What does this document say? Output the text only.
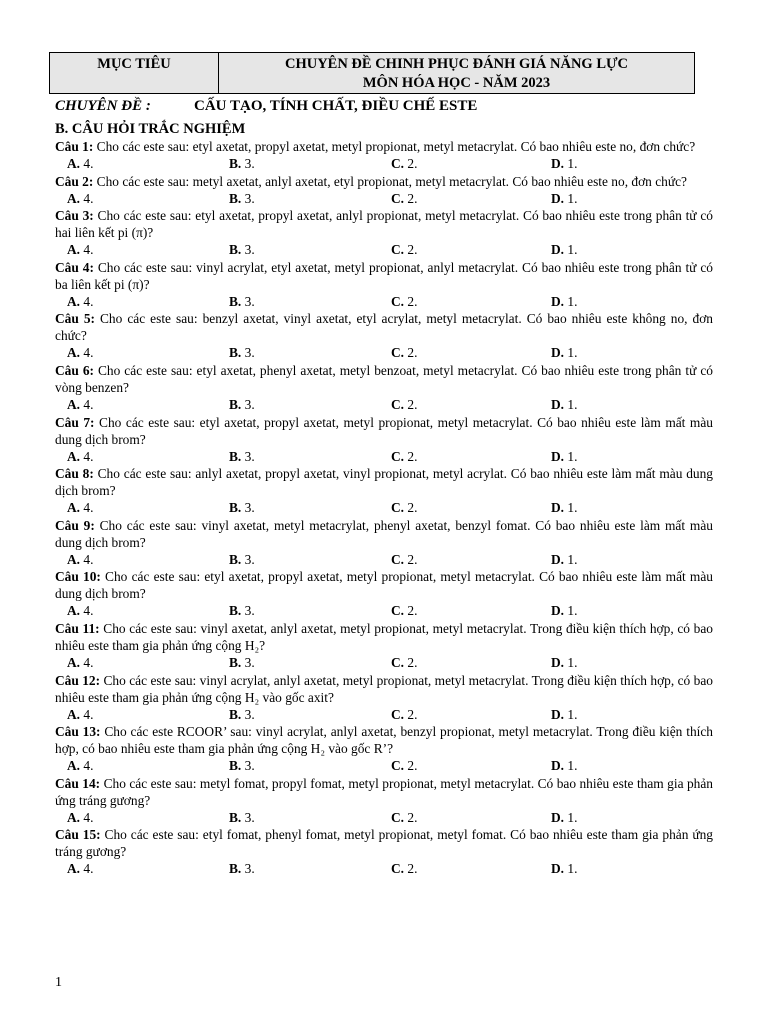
MỤC TIÊU	CHUYÊN ĐỀ CHINH PHỤC ĐÁNH GIÁ NĂNG LỰC
MÔN HÓA HỌC - NĂM 2023
CHUYÊN ĐỀ :	CẤU TẠO, TÍNH CHẤT, ĐIỀU CHẾ ESTE
B. CÂU HỎI TRẮC NGHIỆM
Câu 1: Cho các este sau: etyl axetat, propyl axetat, metyl propionat, metyl metacrylat. Có bao nhiêu este no, đơn chức?
A. 4.	B. 3.	C. 2.	D. 1.
Câu 2: Cho các este sau: metyl axetat, anlyl axetat, etyl propionat, metyl metacrylat. Có bao nhiêu este no, đơn chức?
A. 4.	B. 3.	C. 2.	D. 1.
Câu 3: Cho các este sau: etyl axetat, propyl axetat, anlyl propionat, metyl metacrylat. Có bao nhiêu este trong phân tử có hai liên kết pi (π)?
A. 4.	B. 3.	C. 2.	D. 1.
Câu 4: Cho các este sau: vinyl acrylat, etyl axetat, metyl propionat, anlyl metacrylat. Có bao nhiêu este trong phân tử có ba liên kết pi (π)?
A. 4.	B. 3.	C. 2.	D. 1.
Câu 5: Cho các este sau: benzyl axetat, vinyl axetat, etyl acrylat, metyl metacrylat. Có bao nhiêu este không no, đơn chức?
A. 4.	B. 3.	C. 2.	D. 1.
Câu 6: Cho các este sau: etyl axetat, phenyl axetat, metyl benzoat, metyl metacrylat. Có bao nhiêu este trong phân tử có vòng benzen?
A. 4.	B. 3.	C. 2.	D. 1.
Câu 7: Cho các este sau: etyl axetat, propyl axetat, metyl propionat, metyl metacrylat. Có bao nhiêu este làm mất màu dung dịch brom?
A. 4.	B. 3.	C. 2.	D. 1.
Câu 8: Cho các este sau: anlyl axetat, propyl axetat, vinyl propionat, metyl acrylat. Có bao nhiêu este làm mất màu dung dịch brom?
A. 4.	B. 3.	C. 2.	D. 1.
Câu 9: Cho các este sau: vinyl axetat, metyl metacrylat, phenyl axetat, benzyl fomat. Có bao nhiêu este làm mất màu dung dịch brom?
A. 4.	B. 3.	C. 2.	D. 1.
Câu 10: Cho các este sau: etyl axetat, propyl axetat, metyl propionat, metyl metacrylat. Có bao nhiêu este làm mất màu dung dịch brom?
A. 4.	B. 3.	C. 2.	D. 1.
Câu 11: Cho các este sau: vinyl axetat, anlyl axetat, metyl propionat, metyl metacrylat. Trong điều kiện thích hợp, có bao nhiêu este tham gia phản ứng cộng H₂?
A. 4.	B. 3.	C. 2.	D. 1.
Câu 12: Cho các este sau: vinyl acrylat, anlyl axetat, metyl propionat, metyl metacrylat. Trong điều kiện thích hợp, có bao nhiêu este tham gia phản ứng cộng H₂ vào gốc axit?
A. 4.	B. 3.	C. 2.	D. 1.
Câu 13: Cho các este RCOOR’ sau: vinyl acrylat, anlyl axetat, benzyl propionat, metyl metacrylat. Trong điều kiện thích hợp, có bao nhiêu este tham gia phản ứng cộng H₂ vào gốc R’?
A. 4.	B. 3.	C. 2.	D. 1.
Câu 14: Cho các este sau: metyl fomat, propyl fomat, metyl propionat, metyl metacrylat. Có bao nhiêu este tham gia phản ứng tráng gương?
A. 4.	B. 3.	C. 2.	D. 1.
Câu 15: Cho các este sau: etyl fomat, phenyl fomat, metyl propionat, metyl fomat. Có bao nhiêu este tham gia phản ứng tráng gương?
A. 4.	B. 3.	C. 2.	D. 1.
1
